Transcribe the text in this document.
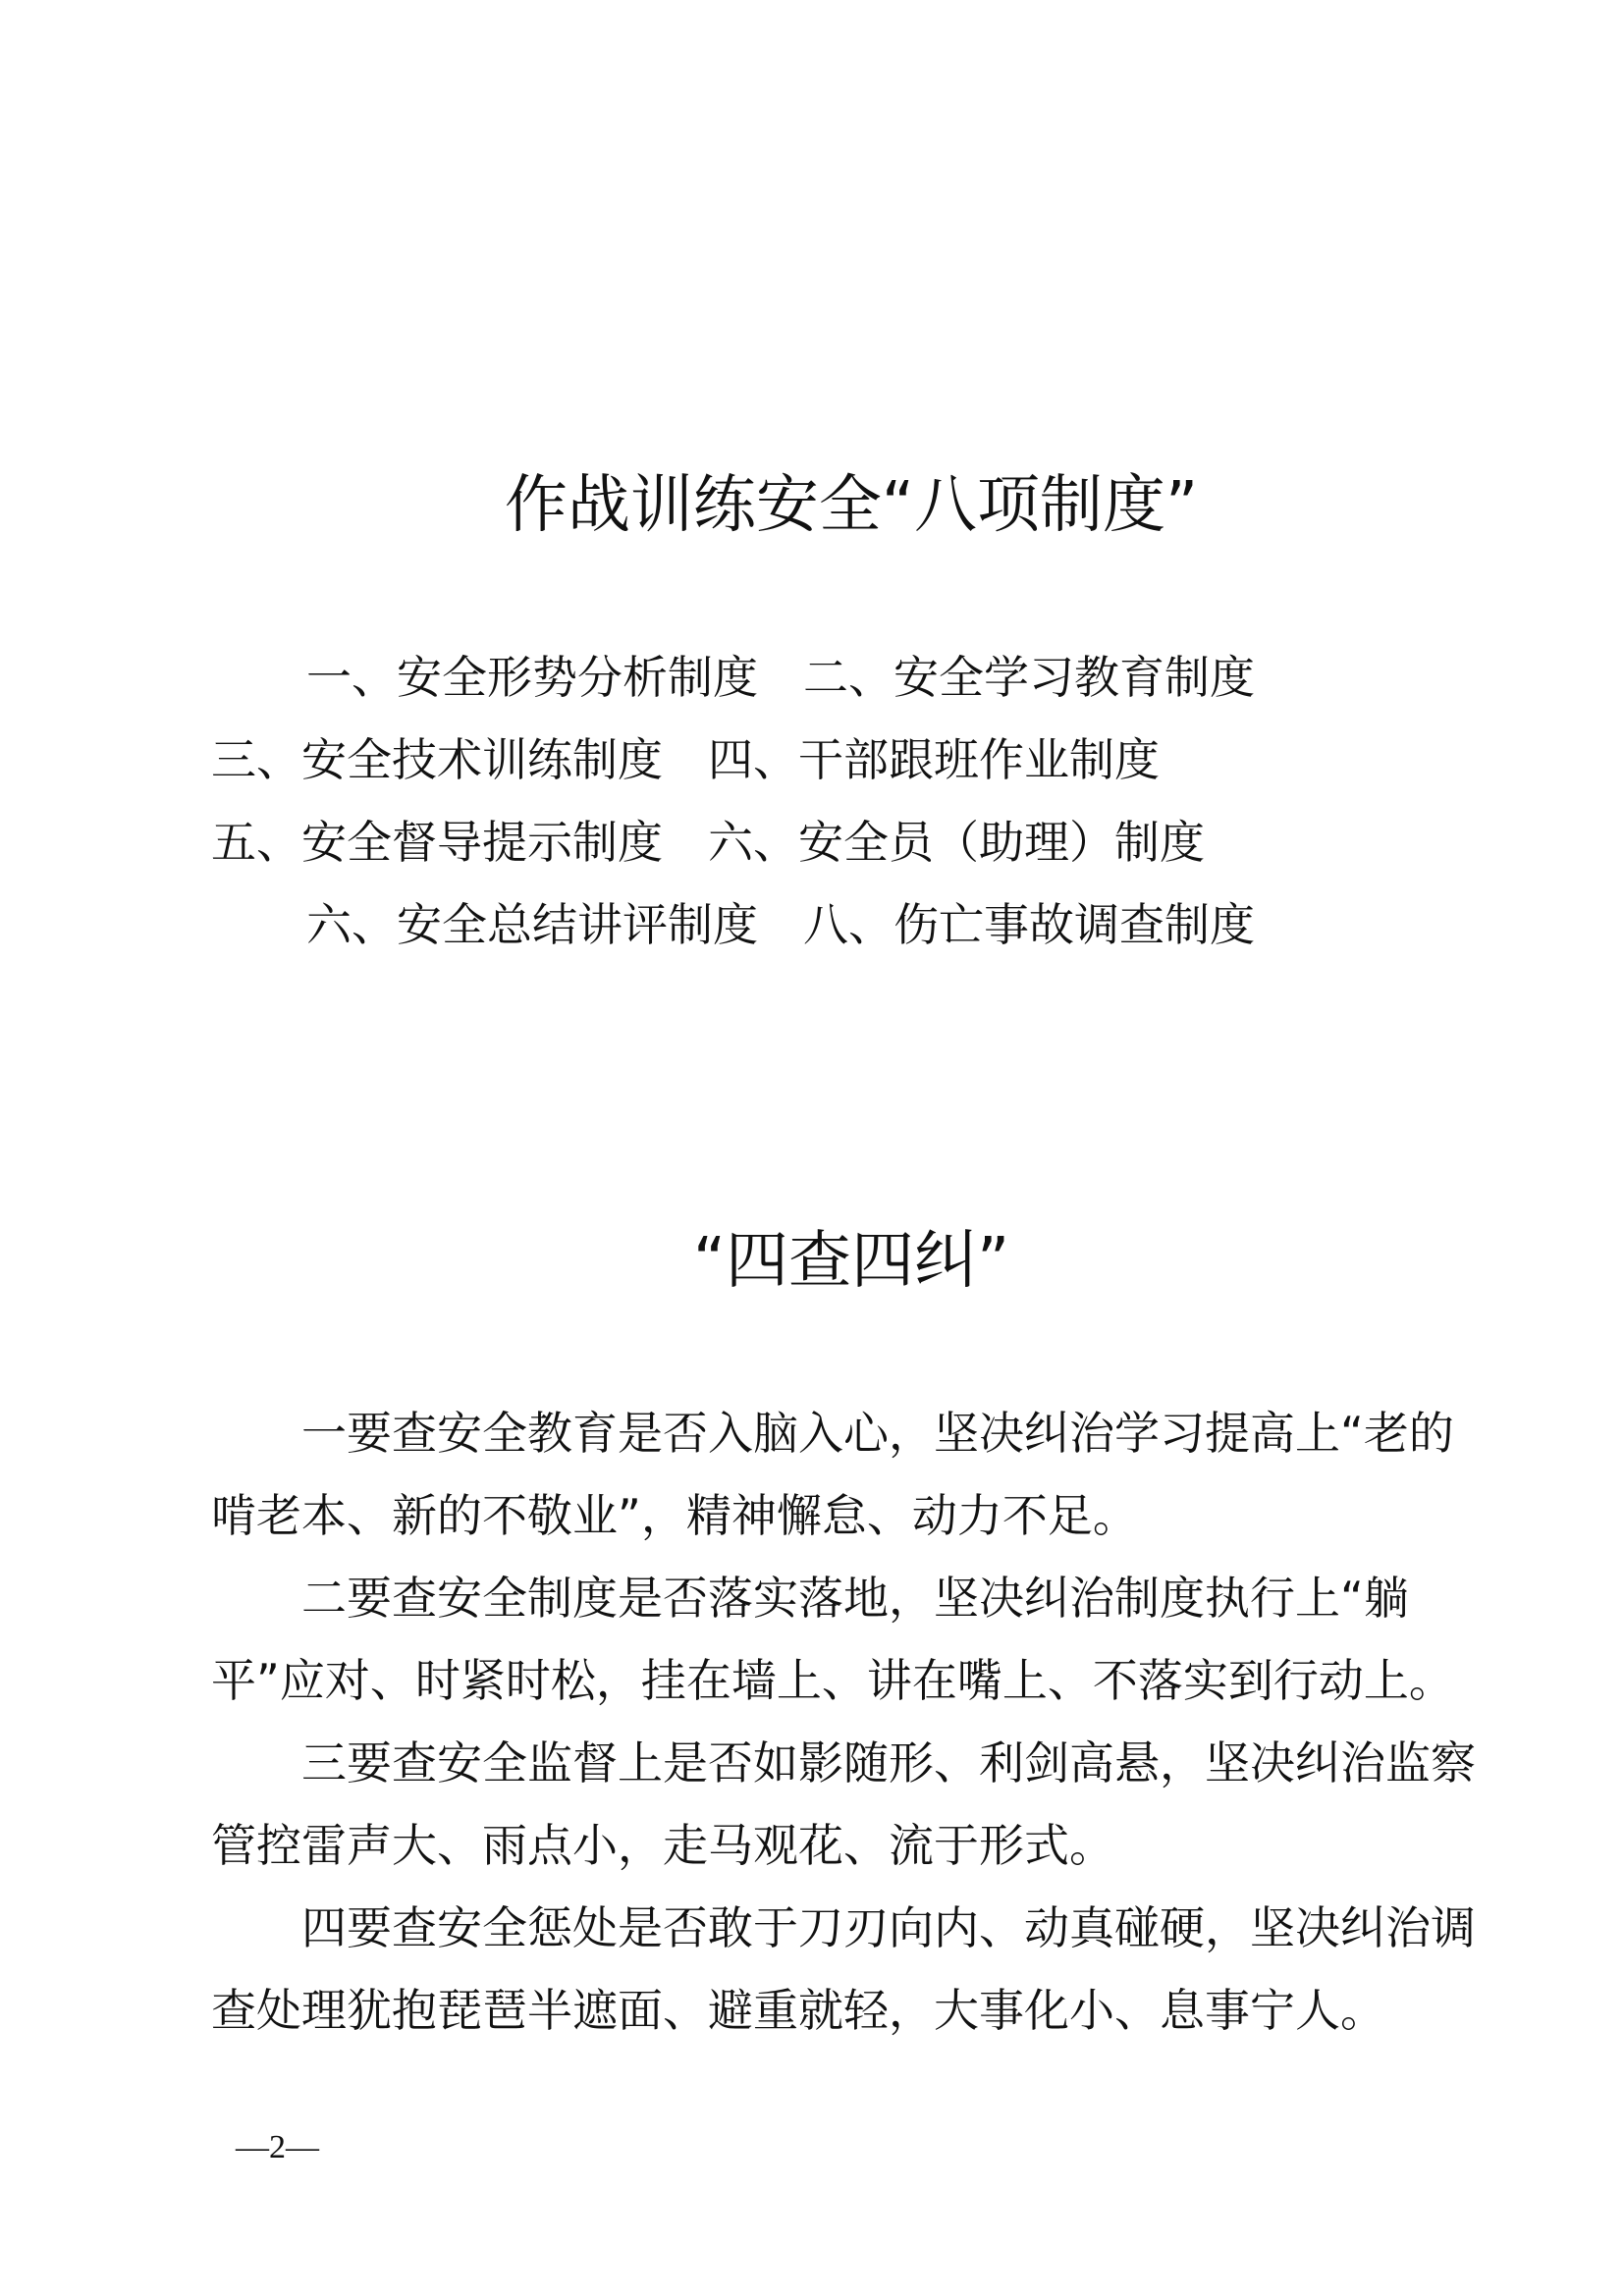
作战训练安全“八项制度”
一、安全形势分析制度 二、安全学习教育制度
三、安全技术训练制度 四、干部跟班作业制度
五、安全督导提示制度 六、安全员（助理）制度
六、安全总结讲评制度 八、伤亡事故调查制度
“四查四纠”
一要查安全教育是否入脑入心，坚决纠治学习提高上“老的
啃老本、新的不敬业”，精神懈怠、动力不足。
二要查安全制度是否落实落地，坚决纠治制度执行上“躺
平”应对、时紧时松，挂在墙上、讲在嘴上、不落实到行动上。
三要查安全监督上是否如影随形、利剑高悬，坚决纠治监察
管控雷声大、雨点小，走马观花、流于形式。
四要查安全惩处是否敢于刀刃向内、动真碰硬，坚决纠治调
查处理犹抱琵琶半遮面、避重就轻，大事化小、息事宁人。
—2—
